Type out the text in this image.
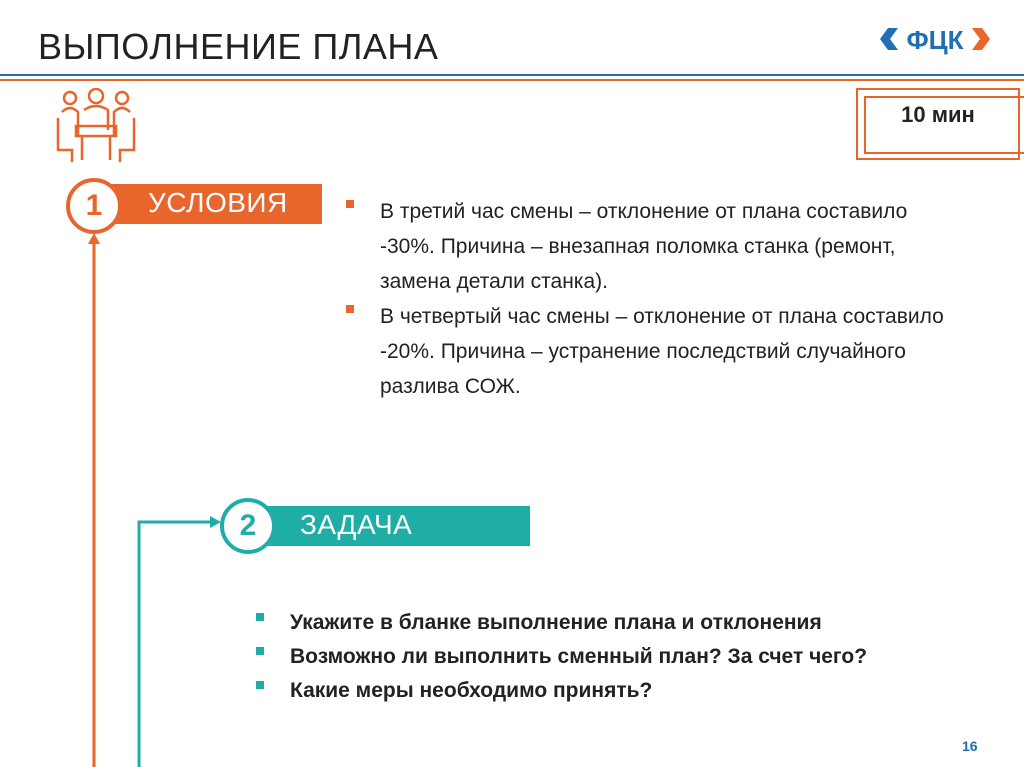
ВЫПОЛНЕНИЕ ПЛАНА	ФЦК
10 мин
УСЛОВИЯ
1	В третий час смены – отклонение от плана составило -30%. Причина – внезапная поломка станка (ремонт, замена детали станка).
В четвертый час смены – отклонение от плана составило -20%. Причина – устранение последствий случайного разлива СОЖ.
ЗАДАЧА
2
Укажите в бланке выполнение плана и отклонения
Возможно ли выполнить сменный план? За счет чего?
Какие меры необходимо принять?
16
